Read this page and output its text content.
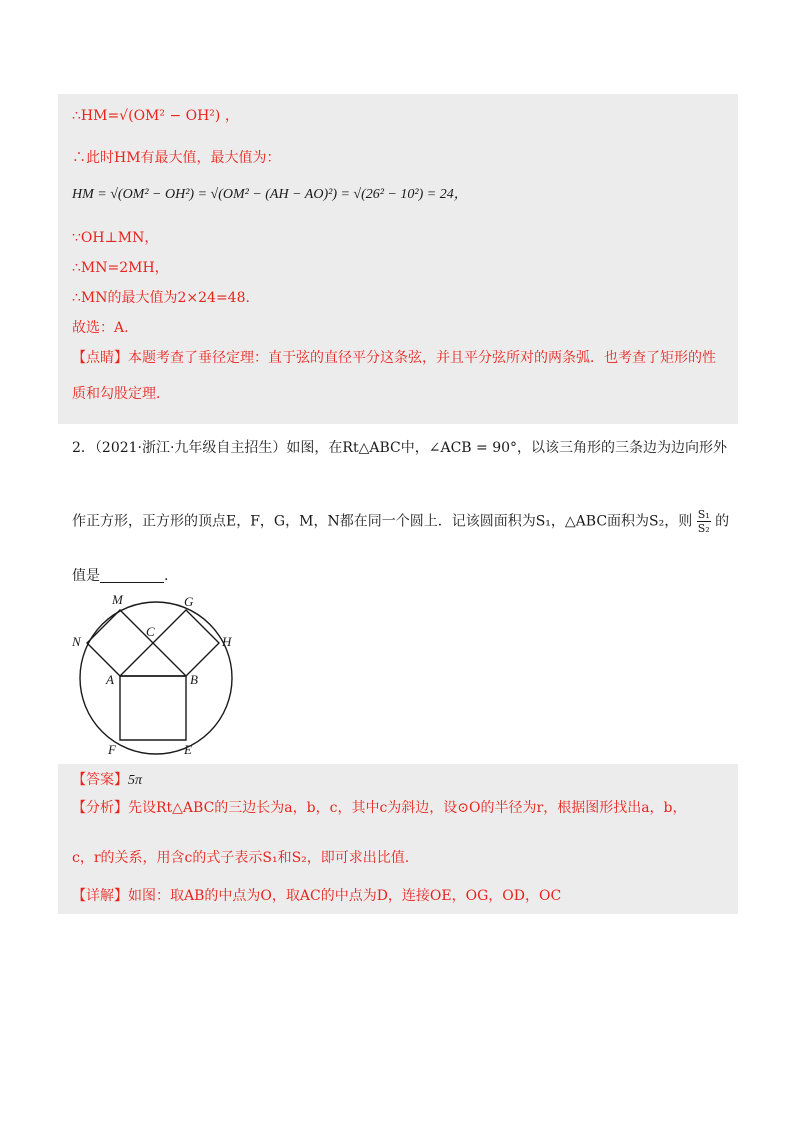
∴HM=√(OM² − OH²) ，
∴此时HM有最大值，最大值为：
HM = √(OM² − OH²) = √(OM² − (AH − AO)²) = √(26² − 10²) = 24，
∵OH⊥MN，
∴MN=2MH，
∴MN的最大值为2×24=48.
故选：A.
【点睛】本题考查了垂径定理：直于弦的直径平分这条弦，并且平分弦所对的两条弧．也考查了矩形的性
质和勾股定理．
2．（2021·浙江·九年级自主招生）如图，在Rt△ABC中，∠ACB = 90°，以该三角形的三条边为边向形外
作正方形，正方形的顶点E，F，G，M，N都在同一个圆上．记该圆面积为S₁，△ABC面积为S₂，则 $\frac{\text{S₁}}{\text{S₂}}$ 的
值是	.
M	G
C
N	H
A	B
F	E
【答案】5π
【分析】先设Rt△ABC的三边长为a，b，c，其中c为斜边，设⊙O的半径为r，根据图形找出a，b，
c，r的关系，用含c的式子表示S₁和S₂，即可求出比值.
【详解】如图：取AB的中点为O，取AC的中点为D，连接OE，OG，OD，OC
